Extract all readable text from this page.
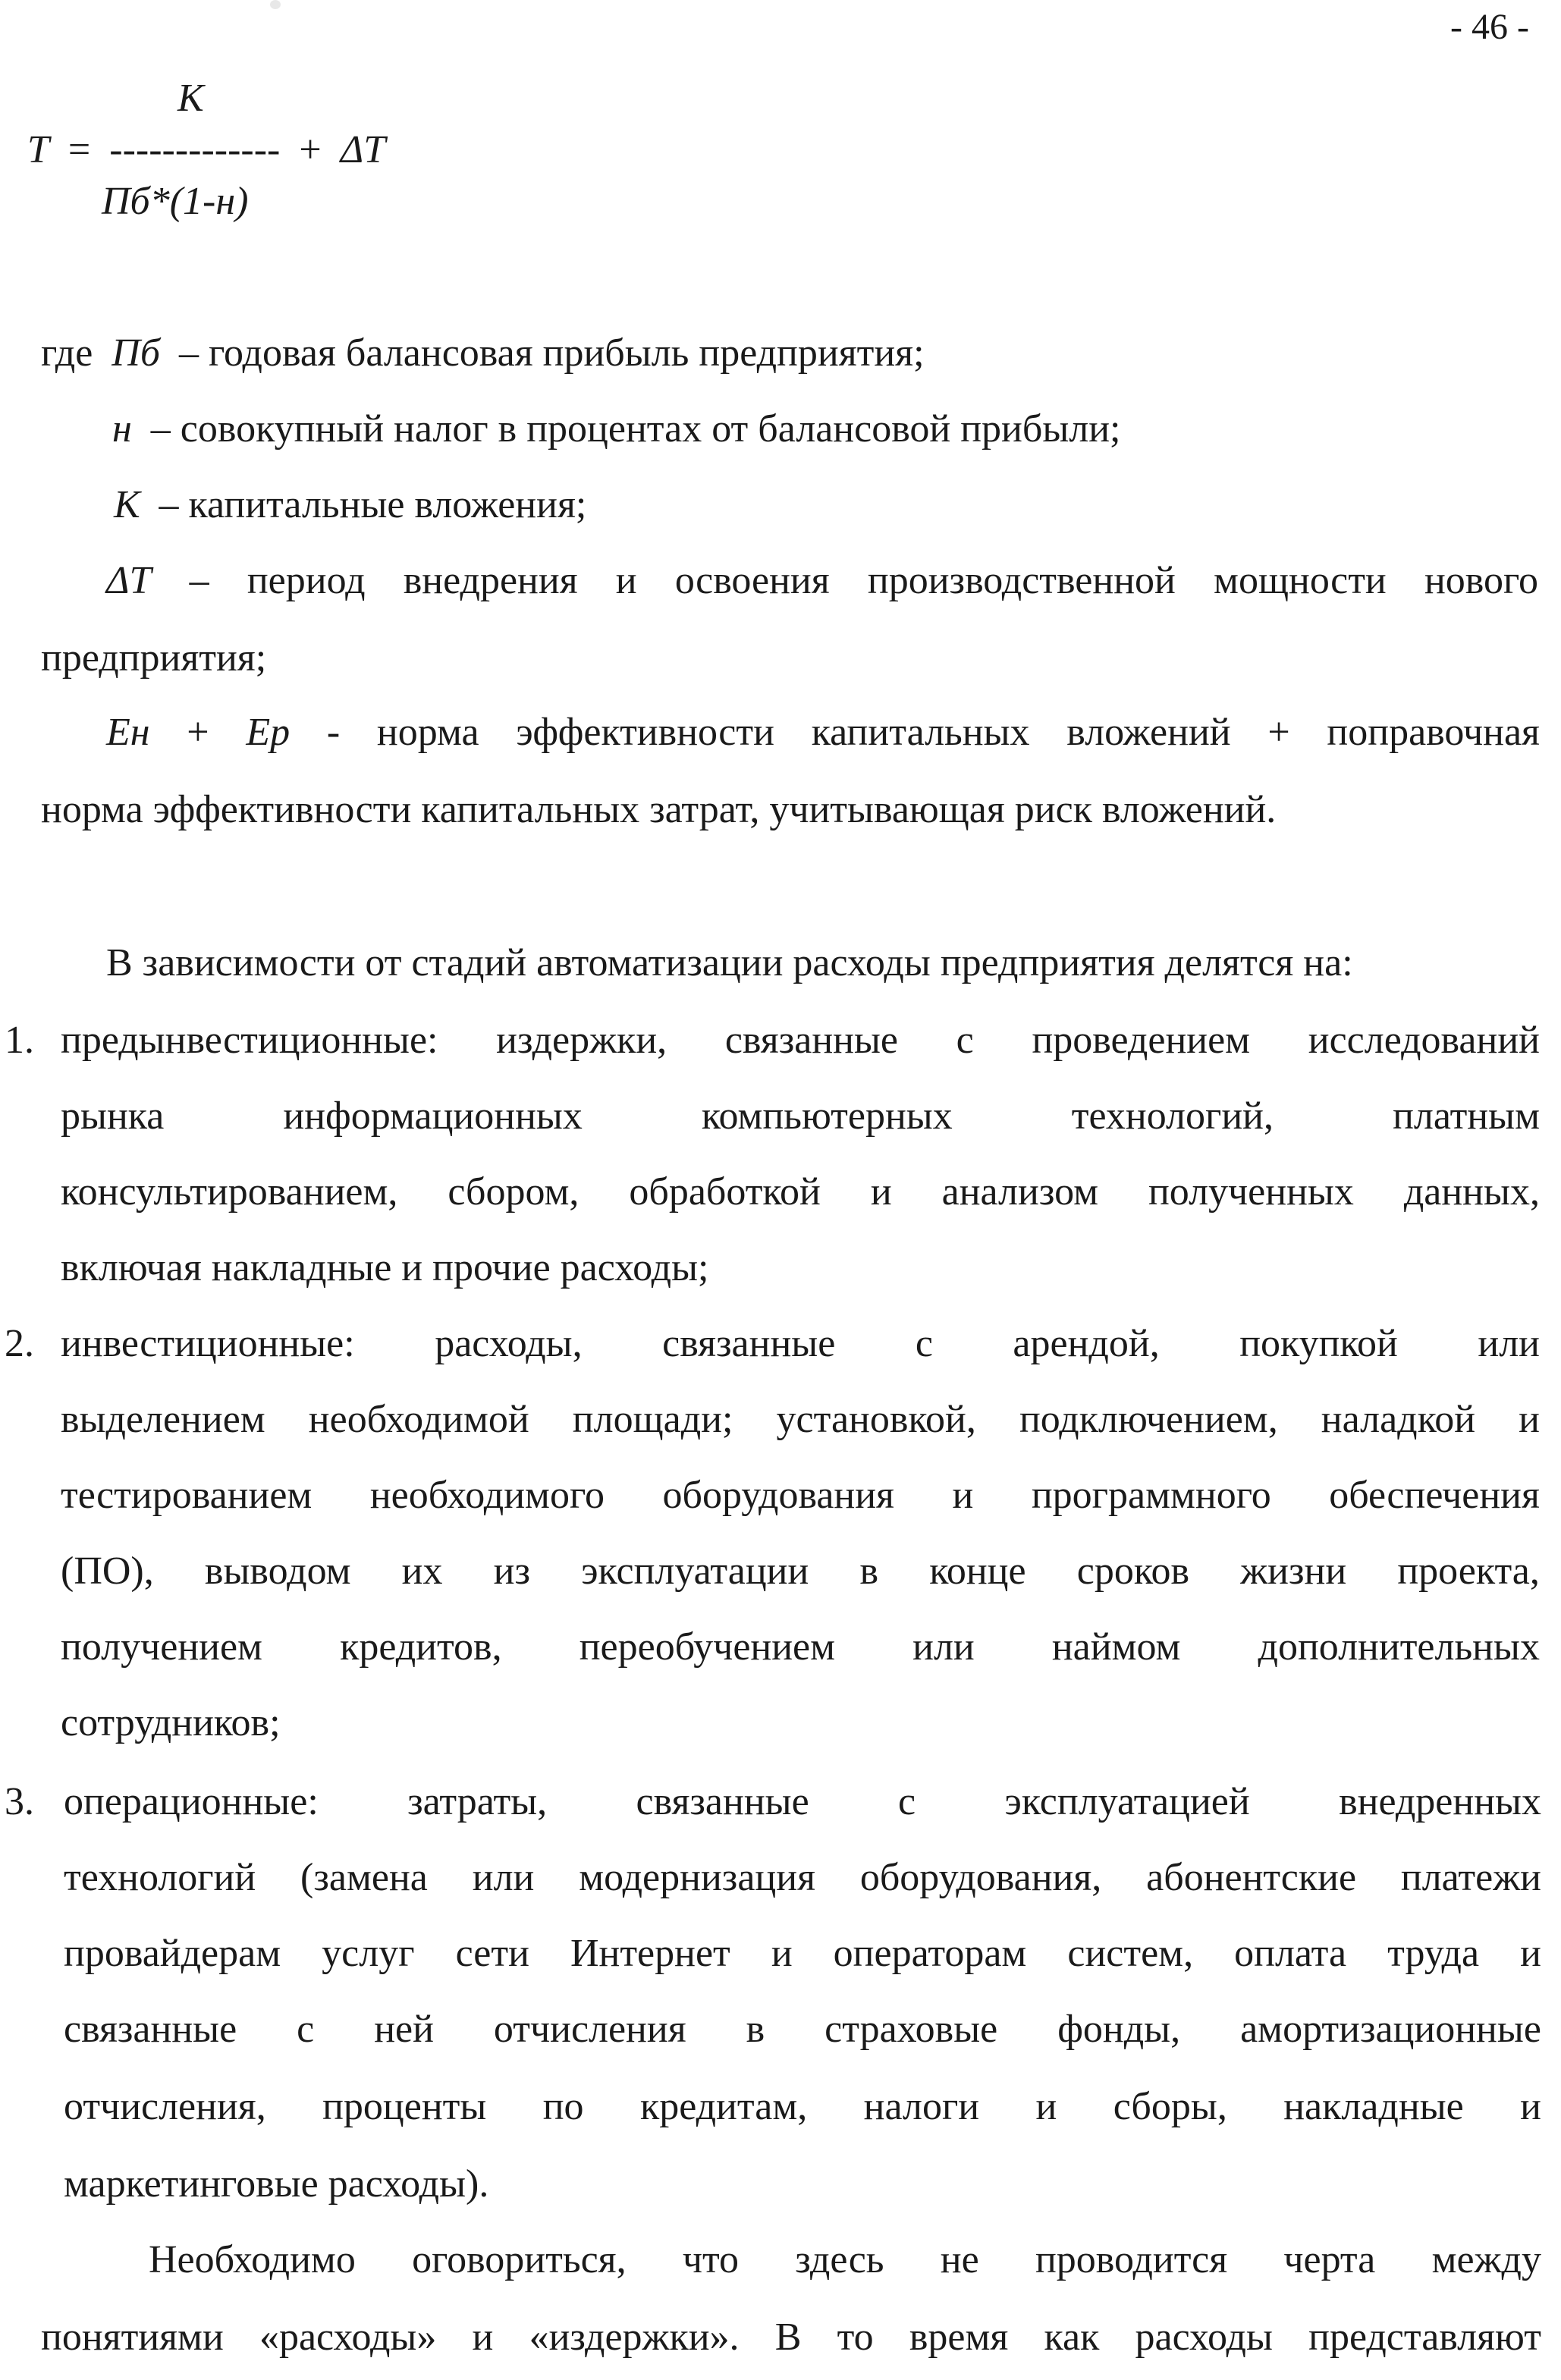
- 46 -
К
Т = ------------- + ΔТ
Пб*(1-н)
где Пб – годовая балансовая прибыль предприятия;
н – совокупный налог в процентах от балансовой прибыли;
К – капитальные вложения;
ΔТ – период внедрения и освоения производственной мощности нового
предприятия;
Ен + Ер - норма эффективности капитальных вложений + поправочная
норма эффективности капитальных затрат, учитывающая риск вложений.
В зависимости от стадий автоматизации расходы предприятия делятся на:
1. предынвестиционные: издержки, связанные с проведением исследований
рынка	информационных	компьютерных	технологий,	платным
консультированием, сбором, обработкой и анализом полученных данных,
включая накладные и прочие расходы;
2. инвестиционные: расходы, связанные с арендой, покупкой или
выделением необходимой площади; установкой, подключением, наладкой и
тестированием необходимого оборудования и программного обеспечения
(ПО), выводом их из эксплуатации в конце сроков жизни проекта,
получением кредитов, переобучением или наймом дополнительных
сотрудников;
3. операционные: затраты, связанные с эксплуатацией внедренных
технологий (замена или модернизация оборудования, абонентские платежи
провайдерам услуг сети Интернет и операторам систем, оплата труда и
связанные с ней отчисления в страховые фонды, амортизационные
отчисления, проценты по кредитам, налоги и сборы, накладные и
маркетинговые расходы).
Необходимо оговориться, что здесь не проводится черта между
понятиями «расходы» и «издержки». В то время как расходы представляют
